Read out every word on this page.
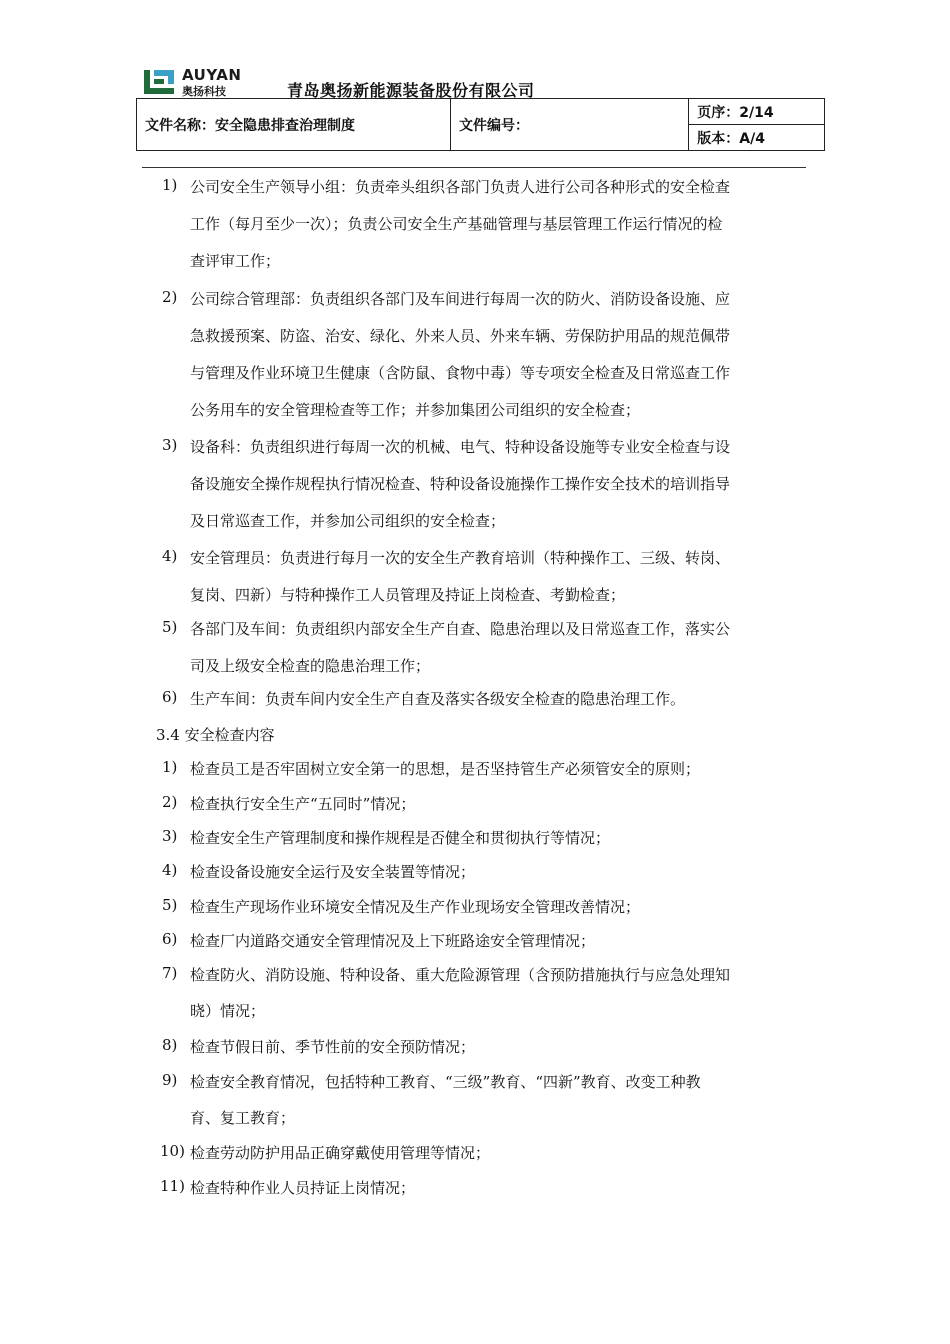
AUYAN
奥扬科技	青岛奥扬新能源装备股份有限公司
文件名称：安全隐患排查治理制度	文件编号：	页序：2/14
版本：A/4
1) 公司安全生产领导小组：负责牵头组织各部门负责人进行公司各种形式的安全检查
工作（每月至少一次）；负责公司安全生产基础管理与基层管理工作运行情况的检
查评审工作；
2) 公司综合管理部：负责组织各部门及车间进行每周一次的防火、消防设备设施、应
急救援预案、防盗、治安、绿化、外来人员、外来车辆、劳保防护用品的规范佩带
与管理及作业环境卫生健康（含防鼠、食物中毒）等专项安全检查及日常巡查工作
公务用车的安全管理检查等工作；并参加集团公司组织的安全检查；
3) 设备科：负责组织进行每周一次的机械、电气、特种设备设施等专业安全检查与设
备设施安全操作规程执行情况检查、特种设备设施操作工操作安全技术的培训指导
及日常巡查工作，并参加公司组织的安全检查；
4) 安全管理员：负责进行每月一次的安全生产教育培训（特种操作工、三级、转岗、
复岗、四新）与特种操作工人员管理及持证上岗检查、考勤检查；
5) 各部门及车间：负责组织内部安全生产自查、隐患治理以及日常巡查工作，落实公
司及上级安全检查的隐患治理工作；
6) 生产车间：负责车间内安全生产自查及落实各级安全检查的隐患治理工作。
3.4 安全检查内容
1) 检查员工是否牢固树立安全第一的思想，是否坚持管生产必须管安全的原则；
2) 检查执行安全生产“五同时”情况；
3) 检查安全生产管理制度和操作规程是否健全和贯彻执行等情况；
4) 检查设备设施安全运行及安全装置等情况；
5) 检查生产现场作业环境安全情况及生产作业现场安全管理改善情况；
6) 检查厂内道路交通安全管理情况及上下班路途安全管理情况；
7) 检查防火、消防设施、特种设备、重大危险源管理（含预防措施执行与应急处理知
晓）情况；
8) 检查节假日前、季节性前的安全预防情况；
9) 检查安全教育情况，包括特种工教育、“三级”教育、“四新”教育、改变工种教
育、复工教育；
10) 检查劳动防护用品正确穿戴使用管理等情况；
11) 检查特种作业人员持证上岗情况；
